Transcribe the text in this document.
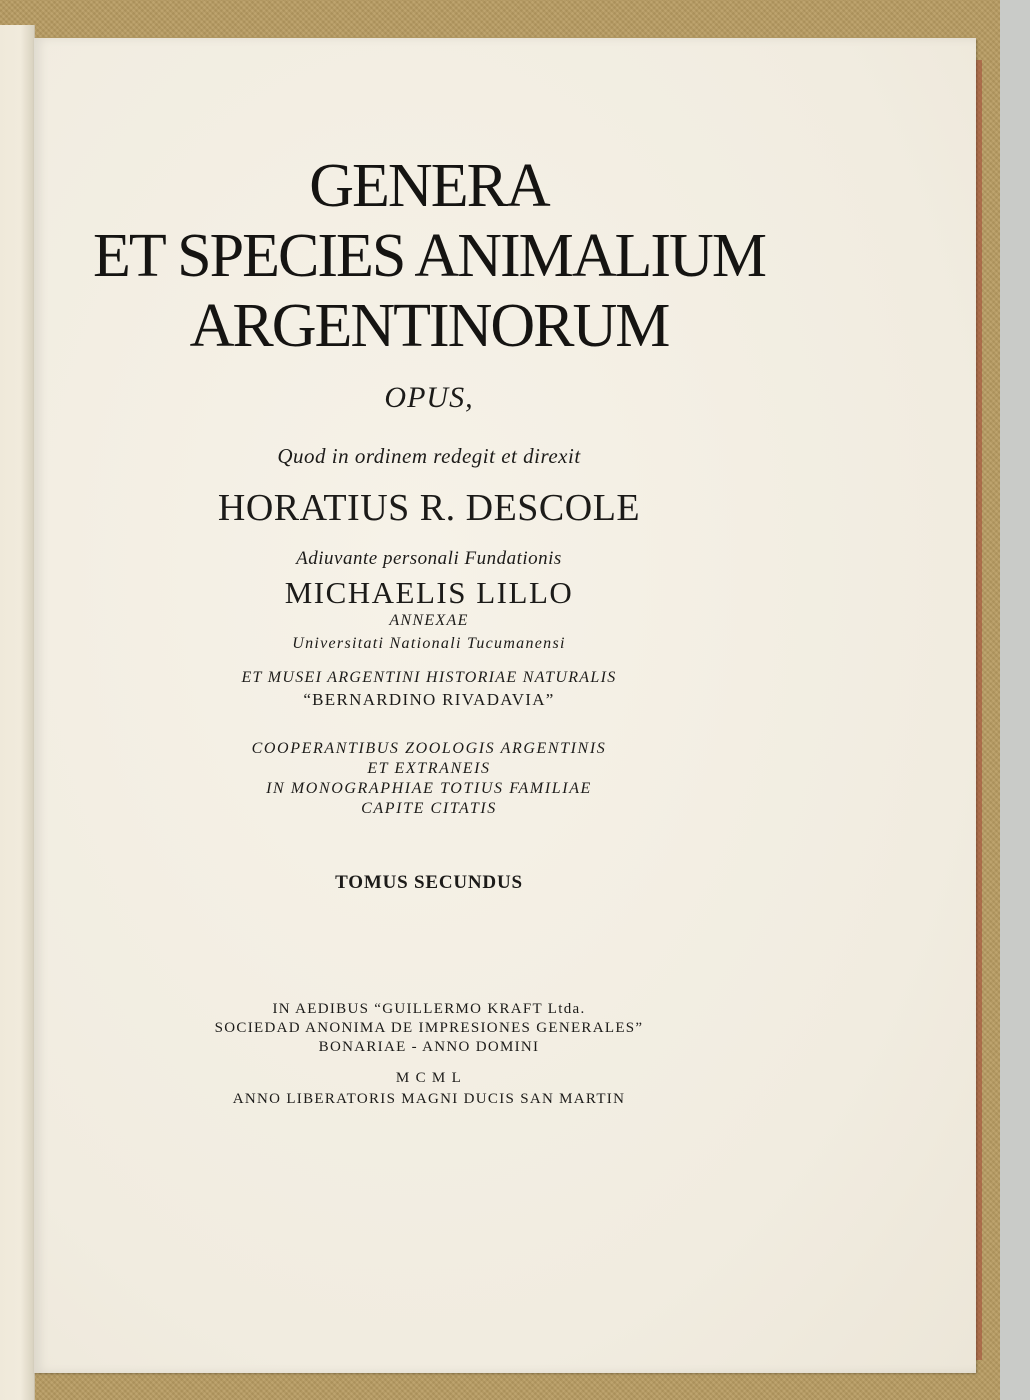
GENERA
ET SPECIES ANIMALIUM
ARGENTINORUM

OPUS,

Quod in ordinem redegit et direxit

HORATIUS R. DESCOLE

Adiuvante personali Fundationis

MICHAELIS LILLO

ANNEXAE

Universitati Nationali Tucumanensi

ET MUSEI ARGENTINI HISTORIAE NATURALIS

“BERNARDINO RIVADAVIA”

COOPERANTIBUS ZOOLOGIS ARGENTINIS

ET EXTRANEIS

IN MONOGRAPHIAE TOTIUS FAMILIAE

CAPITE CITATIS

TOMUS SECUNDUS

IN AEDIBUS “GUILLERMO KRAFT Ltda.

SOCIEDAD ANONIMA DE IMPRESIONES GENERALES”

BONARIAE - ANNO DOMINI

M C M L

ANNO LIBERATORIS MAGNI DUCIS SAN MARTIN
